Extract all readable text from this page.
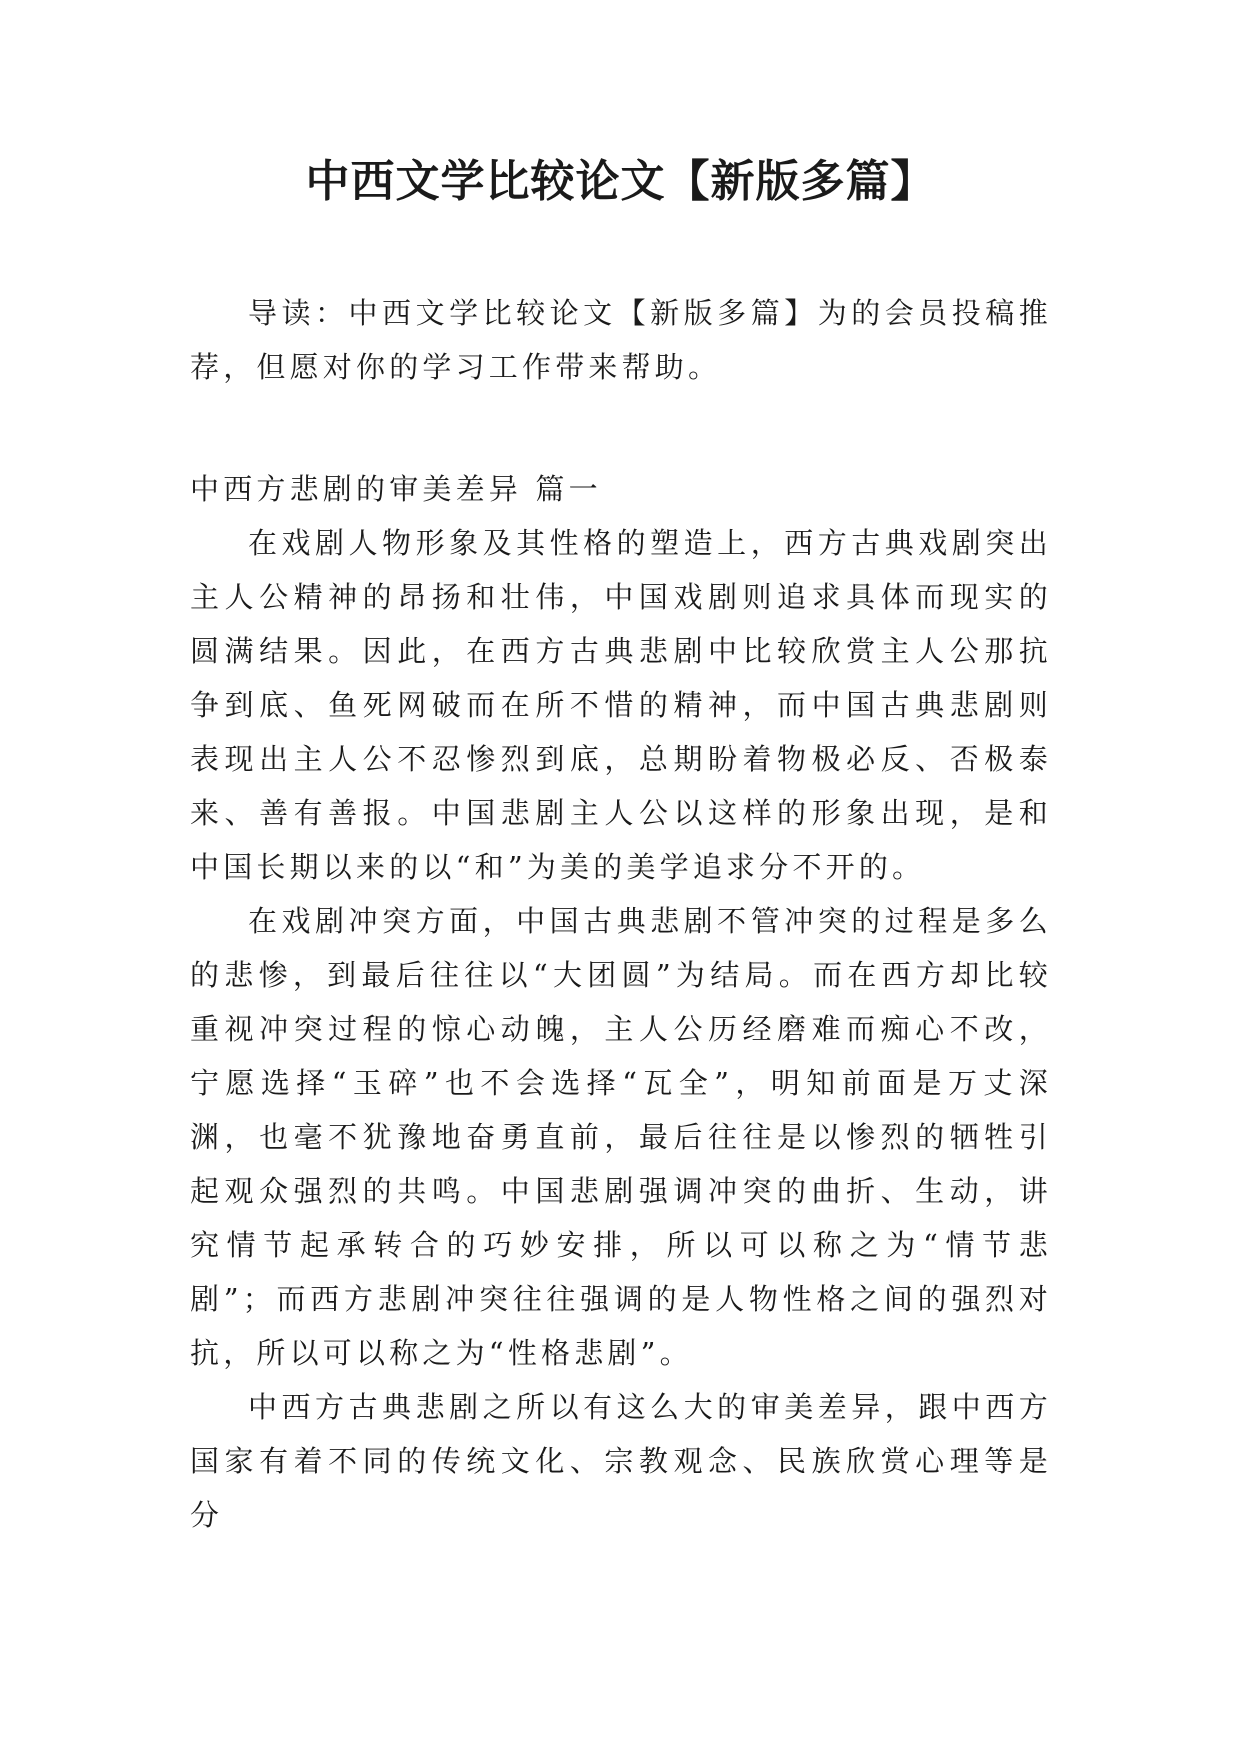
中西文学比较论文【新版多篇】

导读：中西文学比较论文【新版多篇】为的会员投稿推荐，但愿对你的学习工作带来帮助。

中西方悲剧的审美差异 篇一

在戏剧人物形象及其性格的塑造上，西方古典戏剧突出主人公精神的昂扬和壮伟，中国戏剧则追求具体而现实的圆满结果。因此，在西方古典悲剧中比较欣赏主人公那抗争到底、鱼死网破而在所不惜的精神，而中国古典悲剧则表现出主人公不忍惨烈到底，总期盼着物极必反、否极泰来、善有善报。中国悲剧主人公以这样的形象出现，是和中国长期以来的以“和”为美的美学追求分不开的。

在戏剧冲突方面，中国古典悲剧不管冲突的过程是多么的悲惨，到最后往往以“大团圆”为结局。而在西方却比较重视冲突过程的惊心动魄，主人公历经磨难而痴心不改，宁愿选择“玉碎”也不会选择“瓦全”，明知前面是万丈深渊，也毫不犹豫地奋勇直前，最后往往是以惨烈的牺牲引起观众强烈的共鸣。中国悲剧强调冲突的曲折、生动，讲究情节起承转合的巧妙安排，所以可以称之为“情节悲剧”；而西方悲剧冲突往往强调的是人物性格之间的强烈对抗，所以可以称之为“性格悲剧”。

中西方古典悲剧之所以有这么大的审美差异，跟中西方国家有着不同的传统文化、宗教观念、民族欣赏心理等是分
